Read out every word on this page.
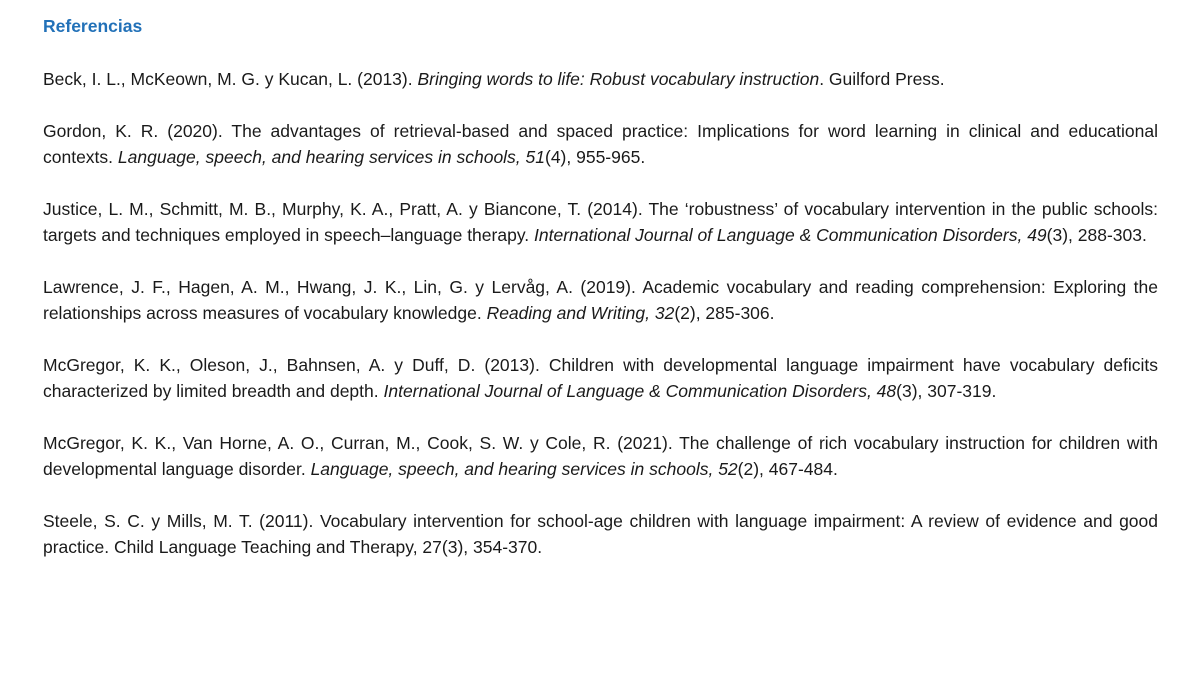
Referencias

Beck, I. L., McKeown, M. G. y Kucan, L. (2013). Bringing words to life: Robust vocabulary instruction. Guilford Press.

Gordon, K. R. (2020). The advantages of retrieval-based and spaced practice: Implications for word learning in clinical and educational contexts. Language, speech, and hearing services in schools, 51(4), 955-965.

Justice, L. M., Schmitt, M. B., Murphy, K. A., Pratt, A. y Biancone, T. (2014). The ‘robustness’ of vocabulary intervention in the public schools: targets and techniques employed in speech–language therapy. International Journal of Language & Communication Disorders, 49(3), 288-303.

Lawrence, J. F., Hagen, A. M., Hwang, J. K., Lin, G. y Lervåg, A. (2019). Academic vocabulary and reading comprehension: Exploring the relationships across measures of vocabulary knowledge. Reading and Writing, 32(2), 285-306.

McGregor, K. K., Oleson, J., Bahnsen, A. y Duff, D. (2013). Children with developmental language impairment have vocabulary deficits characterized by limited breadth and depth. International Journal of Language & Communication Disorders, 48(3), 307-319.

McGregor, K. K., Van Horne, A. O., Curran, M., Cook, S. W. y Cole, R. (2021). The challenge of rich vocabulary instruction for children with developmental language disorder. Language, speech, and hearing services in schools, 52(2), 467-484.

Steele, S. C. y Mills, M. T. (2011). Vocabulary intervention for school-age children with language impairment: A review of evidence and good practice. Child Language Teaching and Therapy, 27(3), 354-370.
